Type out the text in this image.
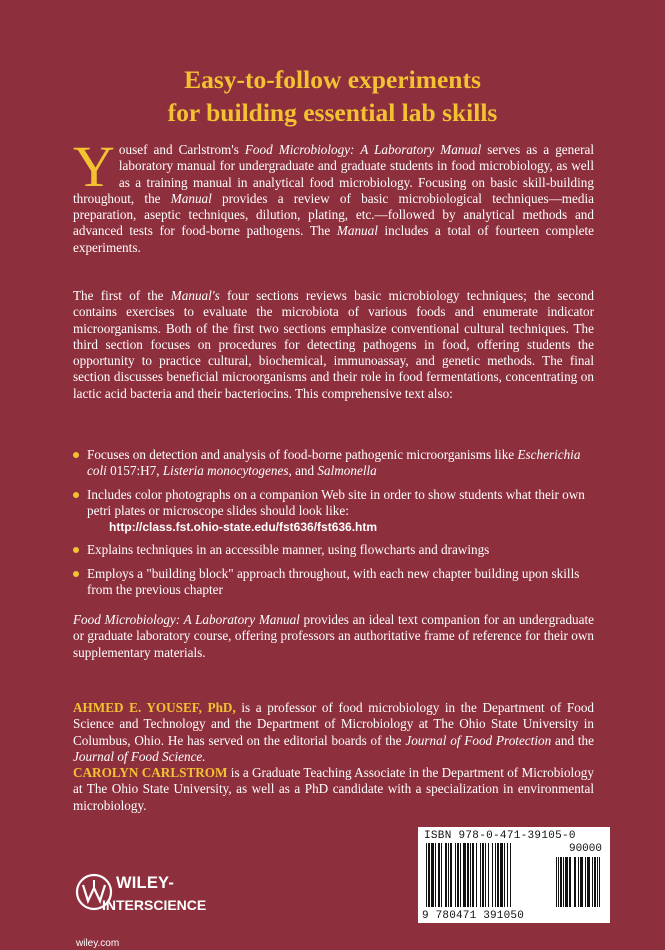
Easy-to-follow experiments
for building essential lab skills

Yousef and Carlstrom's Food Microbiology: A Laboratory Manual serves as a general laboratory manual for undergraduate and graduate students in food microbiology, as well as a training manual in analytical food microbiology. Focusing on basic skill-building throughout, the Manual provides a review of basic microbiological techniques—media preparation, aseptic techniques, dilution, plating, etc.—followed by analytical methods and advanced tests for food-borne pathogens. The Manual includes a total of fourteen complete experiments.

The first of the Manual's four sections reviews basic microbiology techniques; the second contains exercises to evaluate the microbiota of various foods and enumerate indicator microorganisms. Both of the first two sections emphasize conventional cultural techniques. The third section focuses on procedures for detecting pathogens in food, offering students the opportunity to practice cultural, biochemical, immunoassay, and genetic methods. The final section discusses beneficial microorganisms and their role in food fermentations, concentrating on lactic acid bacteria and their bacteriocins. This comprehensive text also:

Focuses on detection and analysis of food-borne pathogenic microorganisms like Escherichia coli 0157:H7, Listeria monocytogenes, and Salmonella
Includes color photographs on a companion Web site in order to show students what their own petri plates or microscope slides should look like:
http://class.fst.ohio-state.edu/fst636/fst636.htm
Explains techniques in an accessible manner, using flowcharts and drawings
Employs a "building block" approach throughout, with each new chapter building upon skills from the previous chapter

Food Microbiology: A Laboratory Manual provides an ideal text companion for an undergraduate or graduate laboratory course, offering professors an authoritative frame of reference for their own supplementary materials.

AHMED E. YOUSEF, PhD, is a professor of food microbiology in the Department of Food Science and Technology and the Department of Microbiology at The Ohio State University in Columbus, Ohio. He has served on the editorial boards of the Journal of Food Protection and the Journal of Food Science.

CAROLYN CARLSTROM is a Graduate Teaching Associate in the Department of Microbiology at The Ohio State University, as well as a PhD candidate with a specialization in environmental microbiology.

ISBN 978-0-471-39105-0
90000
9 780471 391050
WILEY-
INTERSCIENCE
wiley.com
